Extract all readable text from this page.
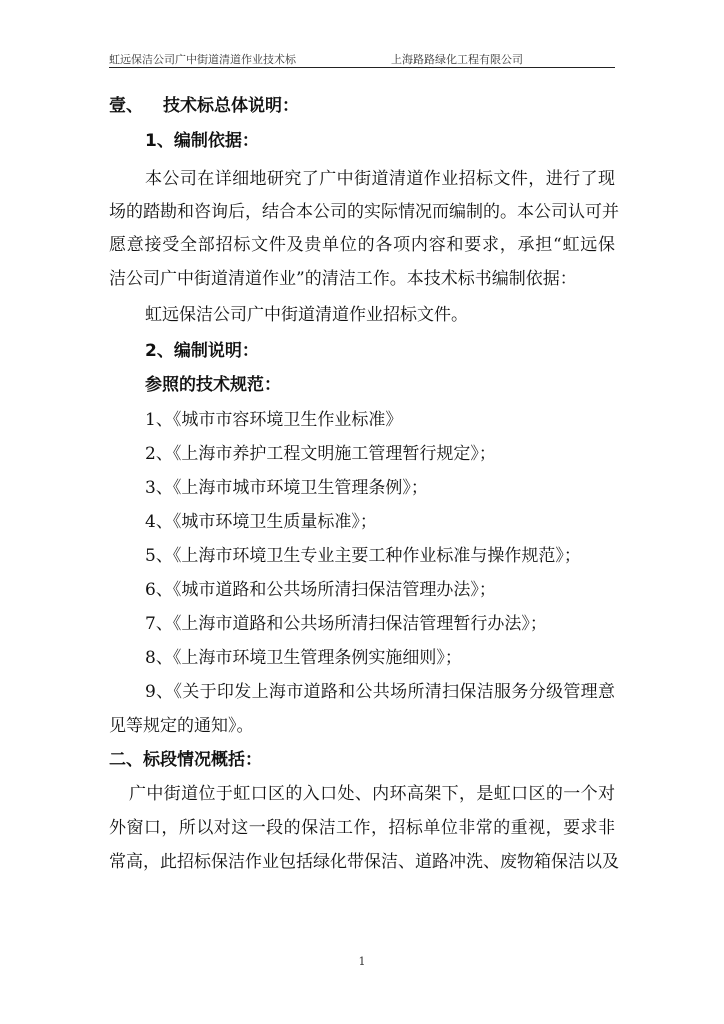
虹远保洁公司广中街道清道作业技术标	上海路路绿化工程有限公司
壹、 技术标总体说明：
1、编制依据：
本公司在详细地研究了广中街道清道作业招标文件，进行了现
场的踏勘和咨询后，结合本公司的实际情况而编制的。本公司认可并
愿意接受全部招标文件及贵单位的各项内容和要求，承担“虹远保
洁公司广中街道清道作业”的清洁工作。本技术标书编制依据：
虹远保洁公司广中街道清道作业招标文件。
2、编制说明：
参照的技术规范：
1、《城市市容环境卫生作业标准》
2、《上海市养护工程文明施工管理暂行规定》；
3、《上海市城市环境卫生管理条例》；
4、《城市环境卫生质量标准》；
5、《上海市环境卫生专业主要工种作业标准与操作规范》；
6、《城市道路和公共场所清扫保洁管理办法》；
7、《上海市道路和公共场所清扫保洁管理暂行办法》；
8、《上海市环境卫生管理条例实施细则》；
9、《关于印发上海市道路和公共场所清扫保洁服务分级管理意
见等规定的通知》。
二、标段情况概括：
广中街道位于虹口区的入口处、内环高架下，是虹口区的一个对
外窗口，所以对这一段的保洁工作，招标单位非常的重视，要求非
常高，此招标保洁作业包括绿化带保洁、道路冲洗、废物箱保洁以及
1
